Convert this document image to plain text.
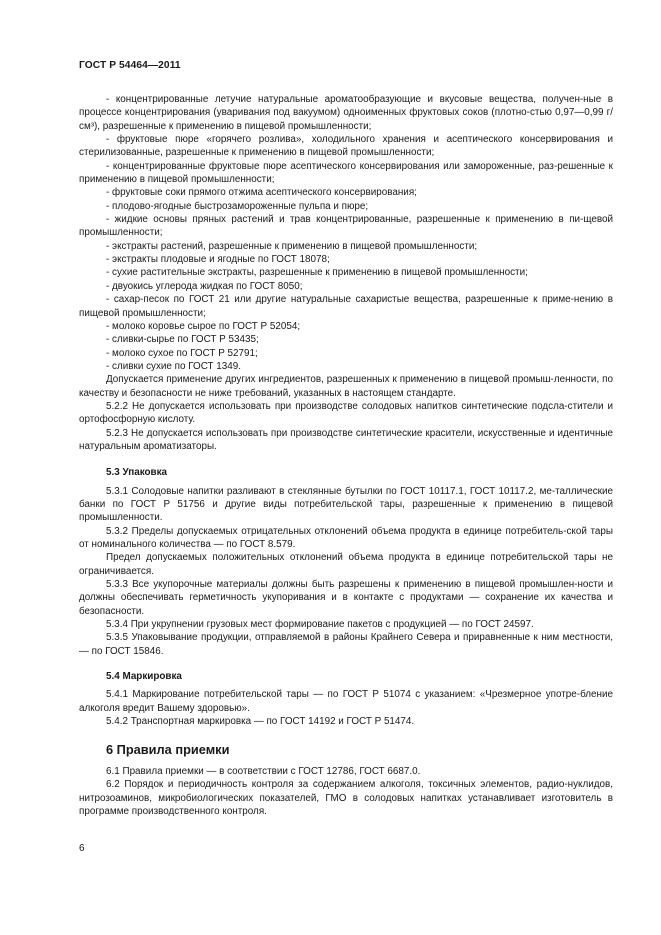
ГОСТ Р 54464—2011

- концентрированные летучие натуральные ароматообразующие и вкусовые вещества, получен-ные в процессе концентрирования (уваривания под вакуумом) одноименных фруктовых соков (плотно-стью 0,97—0,99 г/см³), разрешенные к применению в пищевой промышленности;

- фруктовые пюре «горячего розлива», холодильного хранения и асептического консервирования и стерилизованные, разрешенные к применению в пищевой промышленности;

- концентрированные фруктовые пюре асептического консервирования или замороженные, раз-решенные к применению в пищевой промышленности;

- фруктовые соки прямого отжима асептического консервирования;

- плодово-ягодные быстрозамороженные пульпа и пюре;

- жидкие основы пряных растений и трав концентрированные, разрешенные к применению в пи-щевой промышленности;

- экстракты растений, разрешенные к применению в пищевой промышленности;

- экстракты плодовые и ягодные по ГОСТ 18078;

- сухие растительные экстракты, разрешенные к применению в пищевой промышленности;

- двуокись углерода жидкая по ГОСТ 8050;

- сахар-песок по ГОСТ 21 или другие натуральные сахаристые вещества, разрешенные к приме-нению в пищевой промышленности;

- молоко коровье сырое по ГОСТ Р 52054;

- сливки-сырье по ГОСТ Р 53435;

- молоко сухое по ГОСТ Р 52791;

- сливки сухие по ГОСТ 1349.

Допускается применение других ингредиентов, разрешенных к применению в пищевой промыш-ленности, по качеству и безопасности не ниже требований, указанных в настоящем стандарте.

5.2.2 Не допускается использовать при производстве солодовых напитков синтетические подсла-стители и ортофосфорную кислоту.

5.2.3 Не допускается использовать при производстве синтетические красители, искусственные и идентичные натуральным ароматизаторы.

5.3 Упаковка

5.3.1 Солодовые напитки разливают в стеклянные бутылки по ГОСТ 10117.1, ГОСТ 10117.2, ме-таллические банки по ГОСТ Р 51756 и другие виды потребительской тары, разрешенные к применению в пищевой промышленности.

5.3.2 Пределы допускаемых отрицательных отклонений объема продукта в единице потребитель-ской тары от номинального количества — по ГОСТ 8.579.

Предел допускаемых положительных отклонений объема продукта в единице потребительской тары не ограничивается.

5.3.3 Все укупорочные материалы должны быть разрешены к применению в пищевой промышлен-ности и должны обеспечивать герметичность укупоривания и в контакте с продуктами — сохранение их качества и безопасности.

5.3.4 При укрупнении грузовых мест формирование пакетов с продукцией — по ГОСТ 24597.

5.3.5 Упаковывание продукции, отправляемой в районы Крайнего Севера и приравненные к ним местности, — по ГОСТ 15846.

5.4 Маркировка

5.4.1 Маркирование потребительской тары — по ГОСТ Р 51074 с указанием: «Чрезмерное употре-бление алкоголя вредит Вашему здоровью».

5.4.2 Транспортная маркировка — по ГОСТ 14192 и ГОСТ Р 51474.

6 Правила приемки

6.1 Правила приемки — в соответствии с ГОСТ 12786, ГОСТ 6687.0.

6.2 Порядок и периодичность контроля за содержанием алкоголя, токсичных элементов, радио-нуклидов, нитрозоаминов, микробиологических показателей, ГМО в солодовых напитках устанавливает изготовитель в программе производственного контроля.

6
